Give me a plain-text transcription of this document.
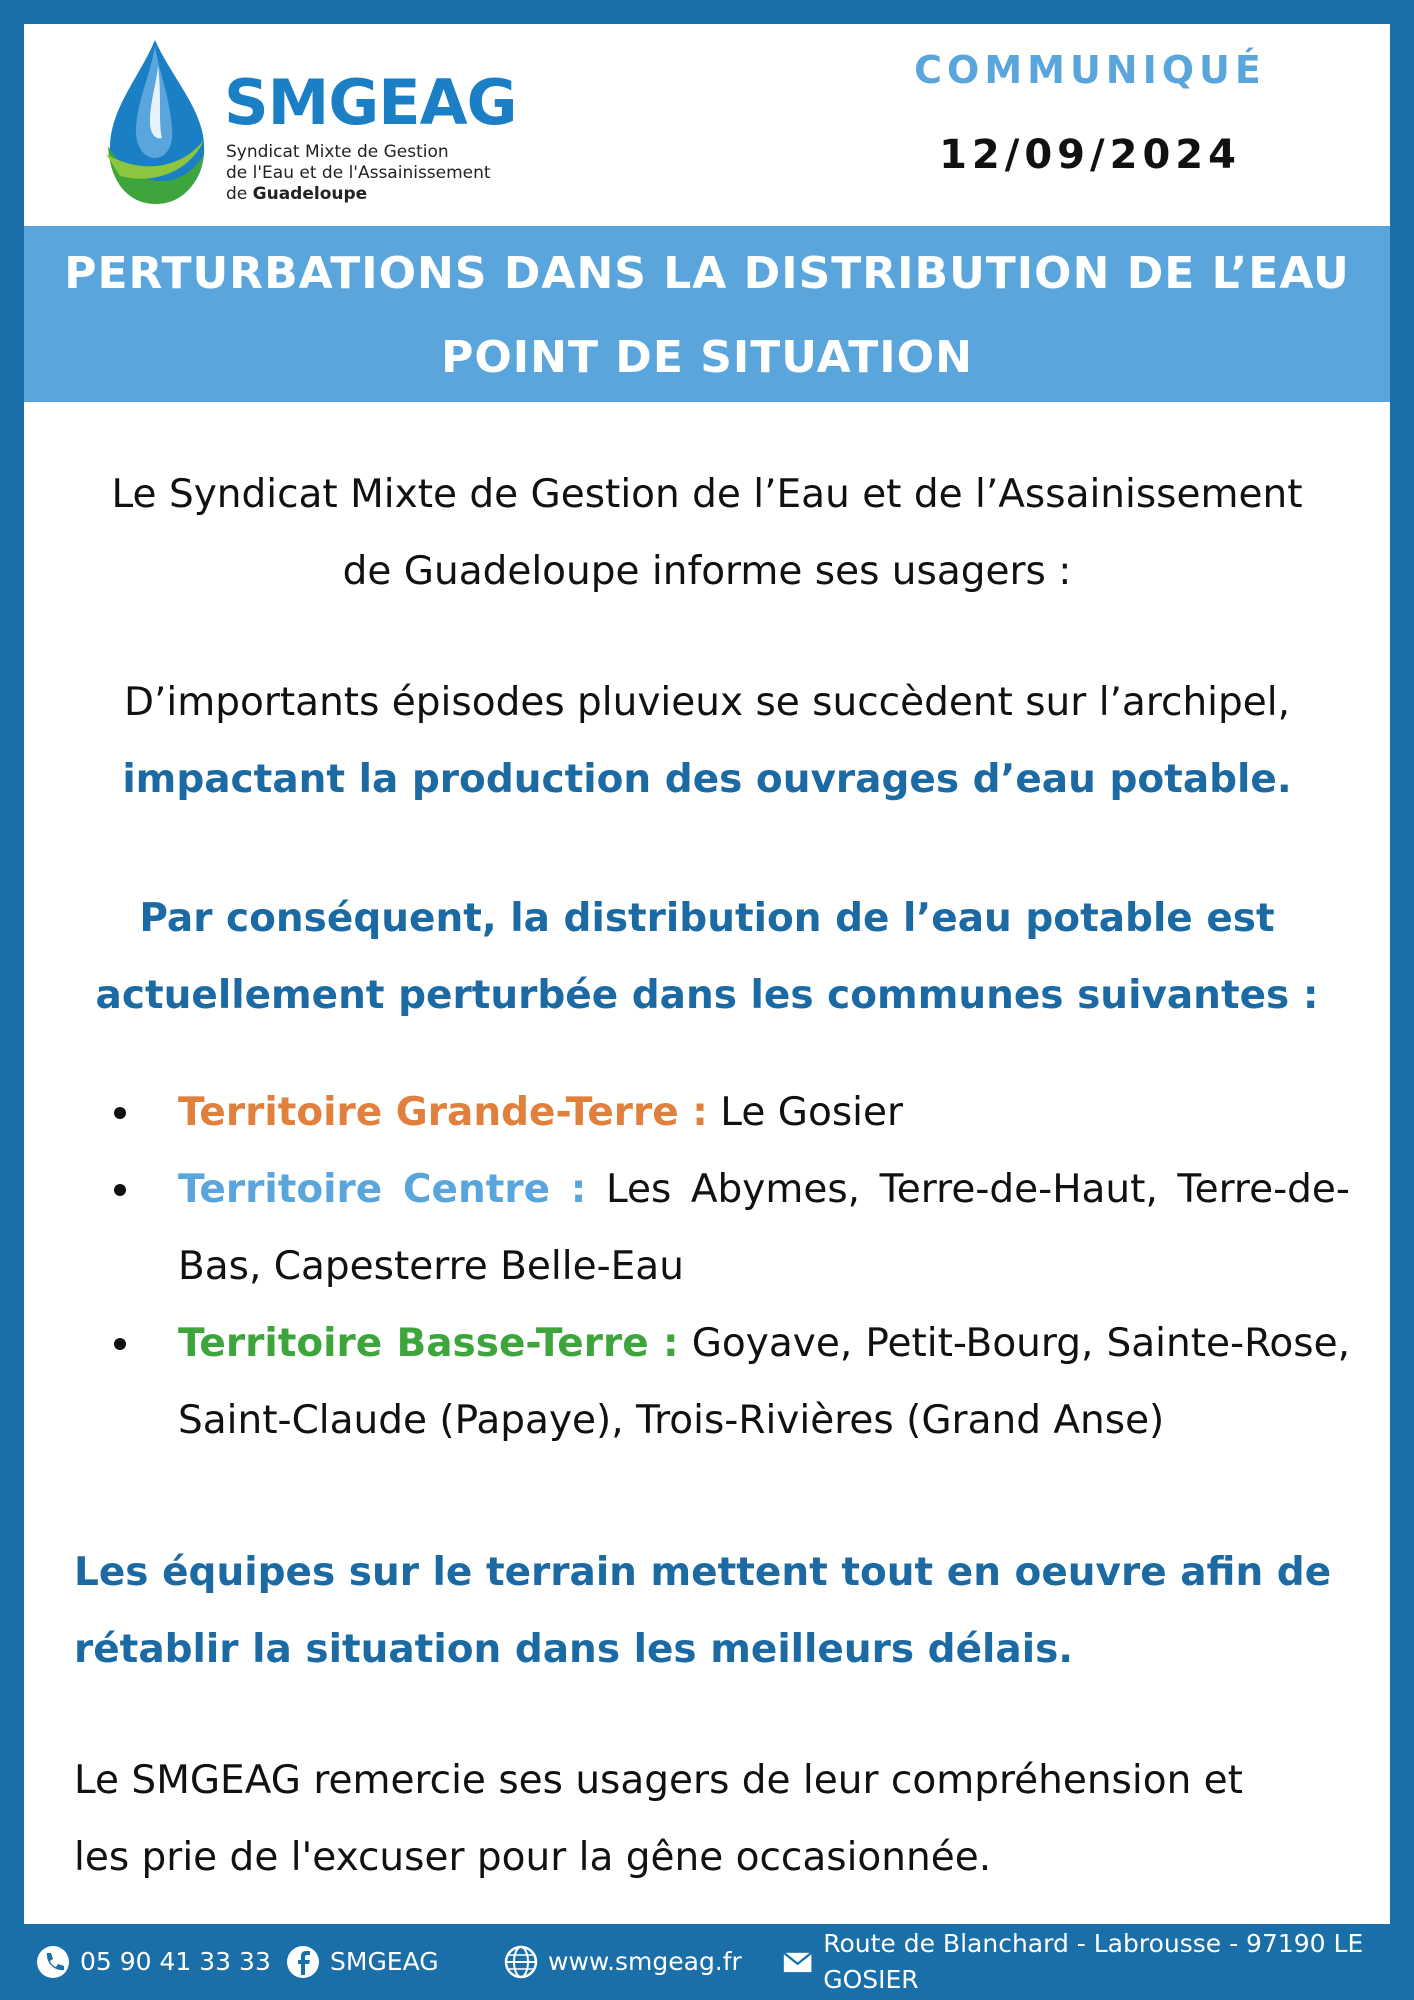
SMGEAG
Syndicat Mixte de Gestion
de l'Eau et de l'Assainissement
de Guadeloupe
COMMUNIQUÉ
12/09/2024
PERTURBATIONS DANS LA DISTRIBUTION DE L’EAU
POINT DE SITUATION
Le Syndicat Mixte de Gestion de l’Eau et de l’Assainissement
de Guadeloupe informe ses usagers :
D’importants épisodes pluvieux se succèdent sur l’archipel,
impactant la production des ouvrages d’eau potable.
Par conséquent, la distribution de l’eau potable est
actuellement perturbée dans les communes suivantes :
Territoire Grande-Terre : Le Gosier
Territoire Centre : Les Abymes, Terre-de-Haut, Terre-de-Bas, Capesterre Belle-Eau
Territoire Basse-Terre : Goyave, Petit-Bourg, Sainte-Rose, Saint-Claude (Papaye), Trois-Rivières (Grand Anse)
Les équipes sur le terrain mettent tout en oeuvre afin de
rétablir la situation dans les meilleurs délais.
Le SMGEAG remercie ses usagers de leur compréhension et
les prie de l'excuser pour la gêne occasionnée.
05 90 41 33 33 SMGEAG	www.smgeag.fr
Route de Blanchard - Labrousse - 97190 LE GOSIER
